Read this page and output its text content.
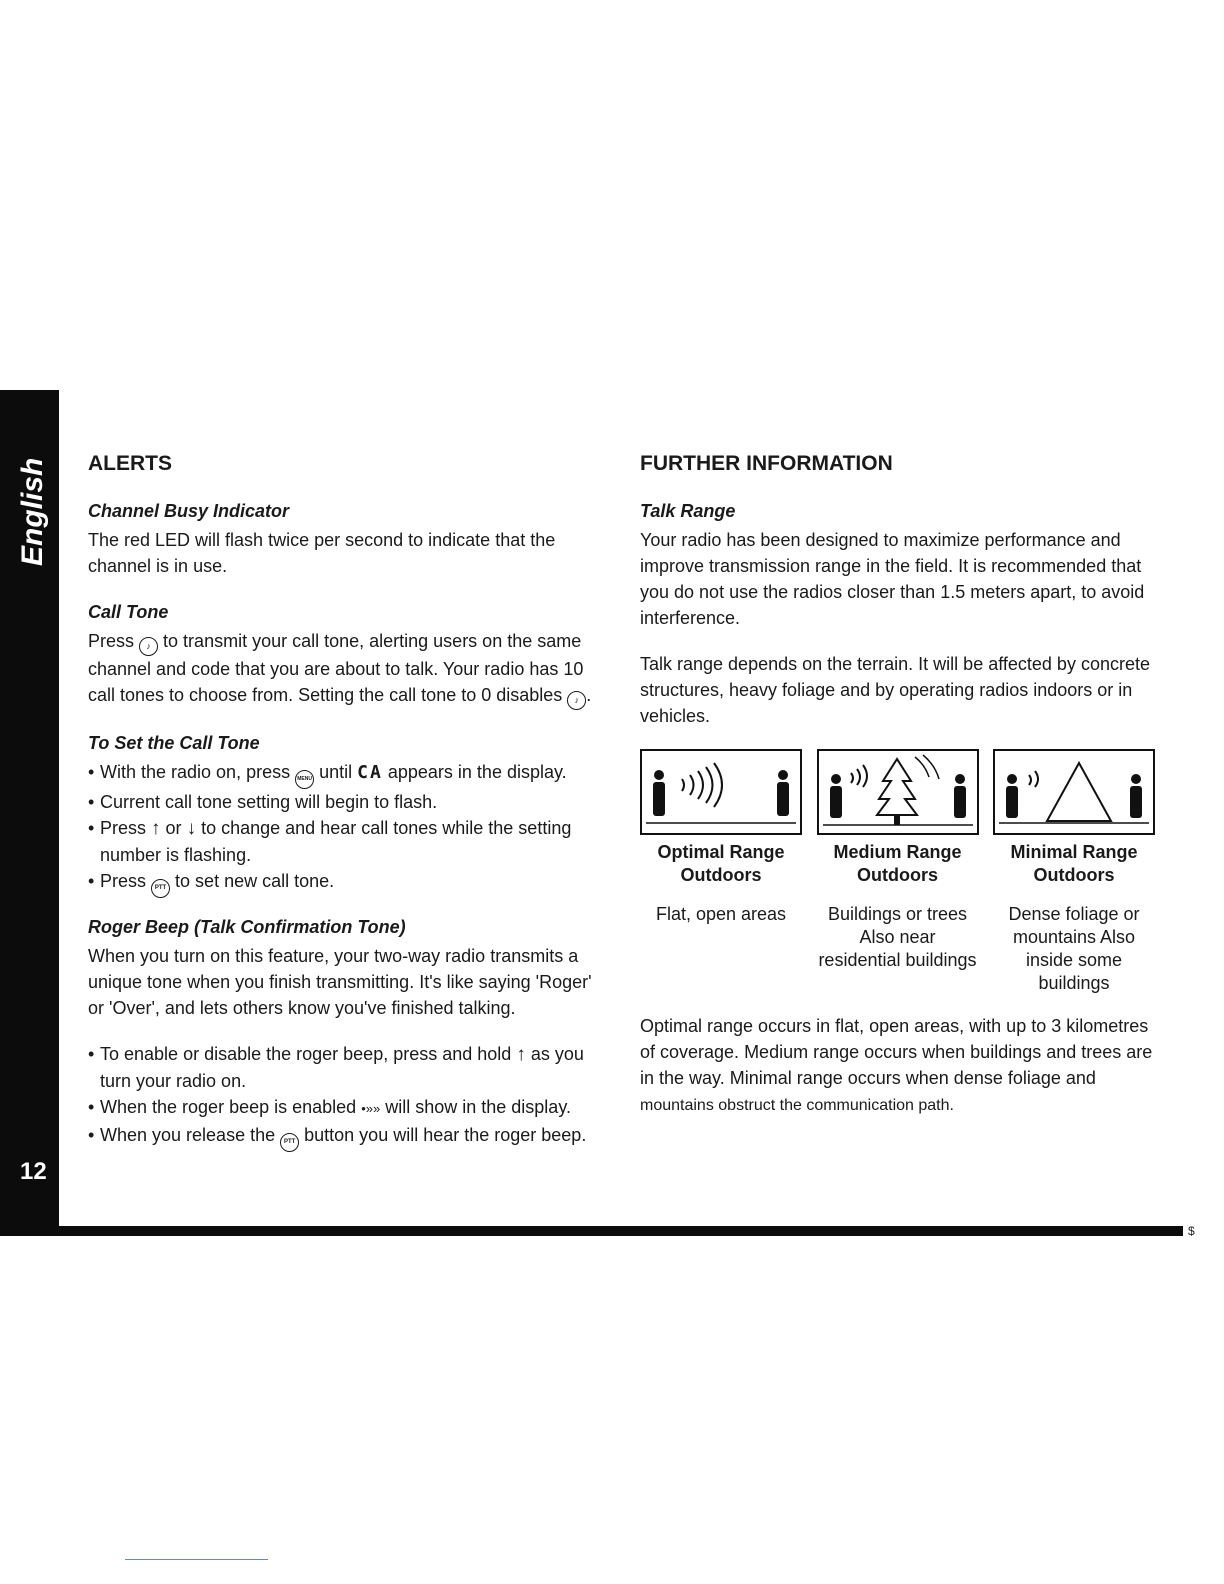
English
12
$
ALERTS
Channel Busy Indicator
The red LED will flash twice per second to indicate that the channel is in use.
Call Tone
Press ♪ to transmit your call tone, alerting users on the same channel and code that you are about to talk. Your radio has 10 call tones to choose from. Setting the call tone to 0 disables ♪ .
To Set the Call Tone
• With the radio on, press MENU until CA appears in the display.
• Current call tone setting will begin to flash.
• Press ↑ or ↓ to change and hear call tones while the setting number is flashing.
• Press PTT to set new call tone.
Roger Beep (Talk Confirmation Tone)
When you turn on this feature, your two-way radio transmits a unique tone when you finish transmitting. It's like saying 'Roger' or 'Over', and lets others know you've finished talking.
• To enable or disable the roger beep, press and hold ↑ as you turn your radio on.
• When the roger beep is enabled •»» will show in the display.
• When you release the PTT button you will hear the roger beep.
FURTHER INFORMATION
Talk Range
Your radio has been designed to maximize performance and improve transmission range in the field. It is recommended that you do not use the radios closer than 1.5 meters apart, to avoid interference.
Talk range depends on the terrain. It will be affected by concrete structures, heavy foliage and by operating radios indoors or in vehicles.
Optimal Range Outdoors
Flat, open areas
Medium Range Outdoors
Buildings or trees Also near residential buildings
Minimal Range Outdoors
Dense foliage or mountains Also inside some buildings
Optimal range occurs in flat, open areas, with up to 3 kilometres of coverage. Medium range occurs when buildings and trees are in the way. Minimal range occurs when dense foliage and mountains obstruct the communication path.
